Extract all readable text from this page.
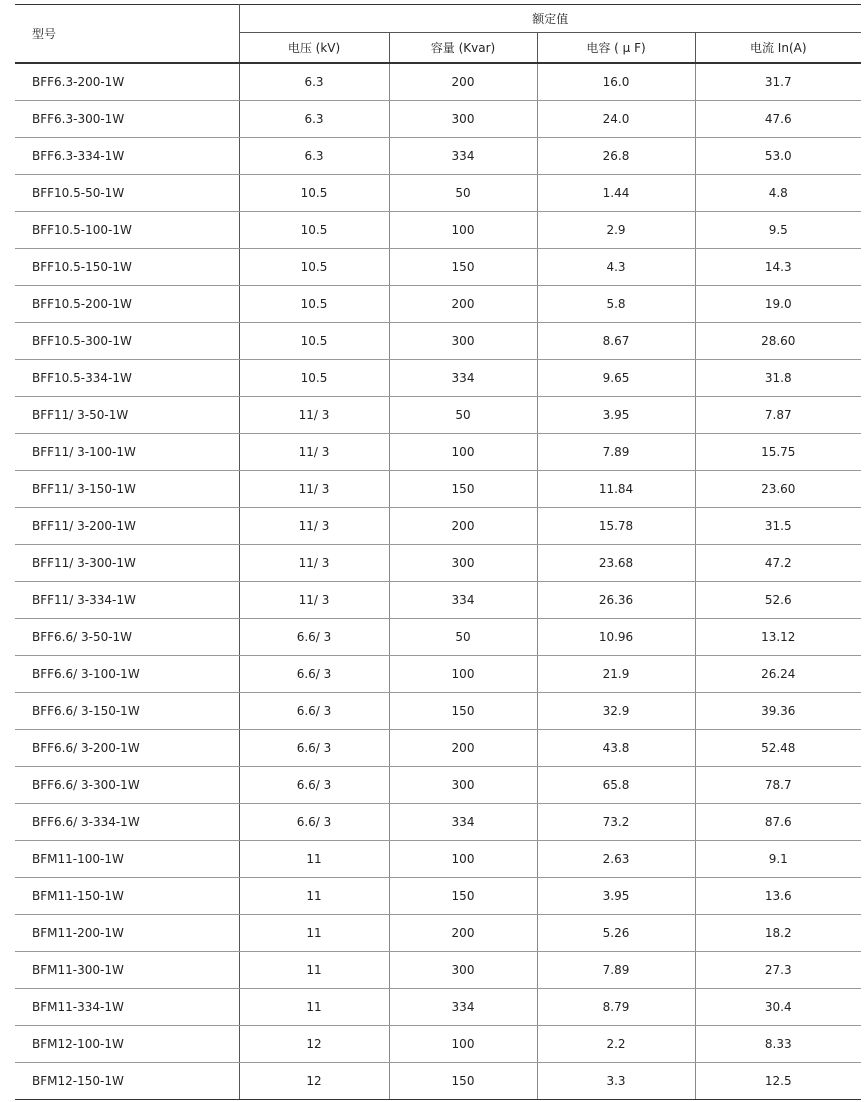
型号	额定值			
	电压 (kV)	容量 (Kvar)	电容 ( μ F)	电流 In(A)
BFF6.3-200-1W	6.3	200	16.0	31.7
BFF6.3-300-1W	6.3	300	24.0	47.6
BFF6.3-334-1W	6.3	334	26.8	53.0
BFF10.5-50-1W	10.5	50	1.44	4.8
BFF10.5-100-1W	10.5	100	2.9	9.5
BFF10.5-150-1W	10.5	150	4.3	14.3
BFF10.5-200-1W	10.5	200	5.8	19.0
BFF10.5-300-1W	10.5	300	8.67	28.60
BFF10.5-334-1W	10.5	334	9.65	31.8
BFF11/ 3-50-1W	11/ 3	50	3.95	7.87
BFF11/ 3-100-1W	11/ 3	100	7.89	15.75
BFF11/ 3-150-1W	11/ 3	150	11.84	23.60
BFF11/ 3-200-1W	11/ 3	200	15.78	31.5
BFF11/ 3-300-1W	11/ 3	300	23.68	47.2
BFF11/ 3-334-1W	11/ 3	334	26.36	52.6
BFF6.6/ 3-50-1W	6.6/ 3	50	10.96	13.12
BFF6.6/ 3-100-1W	6.6/ 3	100	21.9	26.24
BFF6.6/ 3-150-1W	6.6/ 3	150	32.9	39.36
BFF6.6/ 3-200-1W	6.6/ 3	200	43.8	52.48
BFF6.6/ 3-300-1W	6.6/ 3	300	65.8	78.7
BFF6.6/ 3-334-1W	6.6/ 3	334	73.2	87.6
BFM11-100-1W	11	100	2.63	9.1
BFM11-150-1W	11	150	3.95	13.6
BFM11-200-1W	11	200	5.26	18.2
BFM11-300-1W	11	300	7.89	27.3
BFM11-334-1W	11	334	8.79	30.4
BFM12-100-1W	12	100	2.2	8.33
BFM12-150-1W	12	150	3.3	12.5
